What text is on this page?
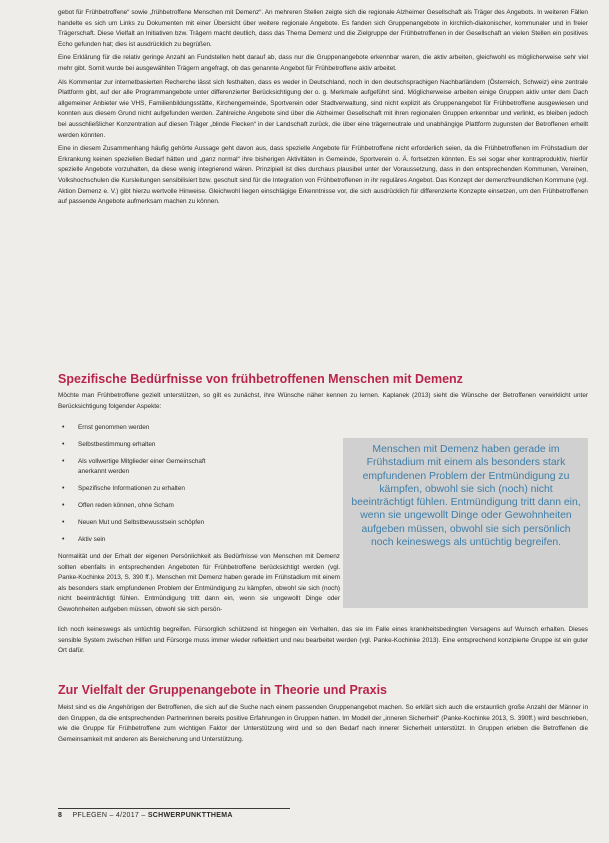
gebot für Frühbetroffene“ sowie „frühbetroffene Menschen mit Demenz“. An mehreren Stellen zeigte sich die regionale Alzheimer Gesellschaft als Träger des Angebots. In weiteren Fällen handelte es sich um Links zu Dokumenten mit einer Übersicht über weitere regionale Angebote. Es fanden sich Gruppenangebote in kirchlich-diakonischer, kommunaler und in freier Trägerschaft. Diese Vielfalt an Initiativen bzw. Trägern macht deutlich, dass das Thema Demenz und die Zielgruppe der Frühbetroffenen in der Gesellschaft an vielen Stellen ein positives Echo gefunden hat; dies ist ausdrücklich zu begrüßen.

Eine Erklärung für die relativ geringe Anzahl an Fundstellen hebt darauf ab, dass nur die Gruppenangebote erkennbar waren, die aktiv arbeiten, gleichwohl es möglicherweise sehr viel mehr gibt. Somit wurde bei ausgewählten Trägern angefragt, ob das genannte Angebot für Frühbetroffene aktiv arbeitet.

Als Kommentar zur internetbasierten Recherche lässt sich festhalten, dass es weder in Deutschland, noch in den deutschsprachigen Nachbarländern (Österreich, Schweiz) eine zentrale Plattform gibt, auf der alle Programmangebote unter differenzierter Berücksichtigung der o. g. Merkmale aufgeführt sind. Möglicherweise arbeiten einige Gruppen aktiv unter dem Dach allgemeiner Anbieter wie VHS, Familienbildungsstätte, Kirchengemeinde, Sportverein oder Stadtverwaltung, sind nicht explizit als Gruppenangebot für Frühbetroffene ausgewiesen und konnten aus diesem Grund nicht aufgefunden werden. Zahlreiche Angebote sind über die Alzheimer Gesellschaft mit ihren regionalen Gruppen erkennbar und verlinkt, es bleiben jedoch bei ausschließlicher Konzentration auf diesen Träger „blinde Flecken“ in der Landschaft zurück, die über eine trägerneutrale und unabhängige Plattform zugunsten der Betroffenen erhellt werden könnten.

Eine in diesem Zusammenhang häufig gehörte Aussage geht davon aus, dass spezielle Angebote für Frühbetroffene nicht erforderlich seien, da die Frühbetroffenen im Frühstadium der Erkrankung keinen speziellen Bedarf hätten und „ganz normal“ ihre bisherigen Aktivitäten in Gemeinde, Sportverein o. Ä. fortsetzen könnten. Es sei sogar eher kontraproduktiv, hierfür spezielle Angebote vorzuhalten, da diese wenig integrierend wären. Prinzipiell ist dies durchaus plausibel unter der Voraussetzung, dass in den entsprechenden Kommunen, Vereinen, Volkshochschulen die Kursleitungen sensibilisiert bzw. geschult sind für die Integration von Frühbetroffenen in ihr reguläres Angebot. Das Konzept der demenzfreundlichen Kommune (vgl. Aktion Demenz e. V.) gibt hierzu wertvolle Hinweise. Gleichwohl liegen einschlägige Erkenntnisse vor, die sich ausdrücklich für differenzierte Konzepte einsetzen, um den Frühbetroffenen auf passende Angebote aufmerksam machen zu können.

Spezifische Bedürfnisse von frühbetroffenen Menschen mit Demenz

Möchte man Frühbetroffene gezielt unterstützen, so gilt es zunächst, ihre Wünsche näher kennen zu lernen. Kaplanek (2013) sieht die Wünsche der Betroffenen verwirklicht unter Berücksichtigung folgender Aspekte:

• Ernst genommen werden
• Selbstbestimmung erhalten
• Als vollwertige Mitglieder einer Gemeinschaft anerkannt werden
• Spezifische Informationen zu erhalten
• Offen reden können, ohne Scham
• Neuen Mut und Selbstbewusstsein schöpfen
• Aktiv sein
Menschen mit Demenz haben gerade im Frühstadium mit einem als besonders stark empfundenen Problem der Entmündigung zu kämpfen, obwohl sie sich (noch) nicht beeinträchtigt fühlen. Entmündigung tritt dann ein, wenn sie ungewollt Dinge oder Gewohnheiten aufgeben müssen, obwohl sie sich persönlich noch keineswegs als untüchtig begreifen.
Normalität und der Erhalt der eigenen Persönlichkeit als Bedürfnisse von Menschen mit Demenz sollten ebenfalls in entsprechenden Angeboten für Frühbetroffene berücksichtigt werden (vgl. Panke-Kochinke 2013, S. 390 ff.). Menschen mit Demenz haben gerade im Frühstadium mit einem als besonders stark empfundenen Problem der Entmündigung zu kämpfen, obwohl sie sich (noch) nicht beeinträchtigt fühlen. Entmündigung tritt dann ein, wenn sie ungewollt Dinge oder Gewohnheiten aufgeben müssen, obwohl sie sich persön-
lich noch keineswegs als untüchtig begreifen. Fürsorglich schützend ist hingegen ein Verhalten, das sie im Falle eines krankheitsbedingten Versagens auf Wunsch erhalten. Dieses sensible System zwischen Hilfen und Fürsorge muss immer wieder reflektiert und neu bearbeitet werden (vgl. Panke-Kochinke 2013). Eine entsprechend konzipierte Gruppe ist ein guter Ort dafür.
Zur Vielfalt der Gruppenangebote in Theorie und Praxis

Meist sind es die Angehörigen der Betroffenen, die sich auf die Suche nach einem passenden Gruppenangebot machen. So erklärt sich auch die erstaunlich große Anzahl der Männer in den Gruppen, da die entsprechenden Partnerinnen bereits positive Erfahrungen in Gruppen hatten. Im Modell der „inneren Sicherheit“ (Panke-Kochinke 2013, S. 390ff.) wird beschrieben, wie die Gruppe für Frühbetroffene zum wichtigen Faktor der Unterstützung wird und so den Bedarf nach innerer Sicherheit unterstützt. In Gruppen erleben die Betroffenen die Gemeinsamkeit mit anderen als Bereicherung und Unterstützung.

8 PFLEGEN – 4/2017 – SCHWERPUNKTTHEMA
